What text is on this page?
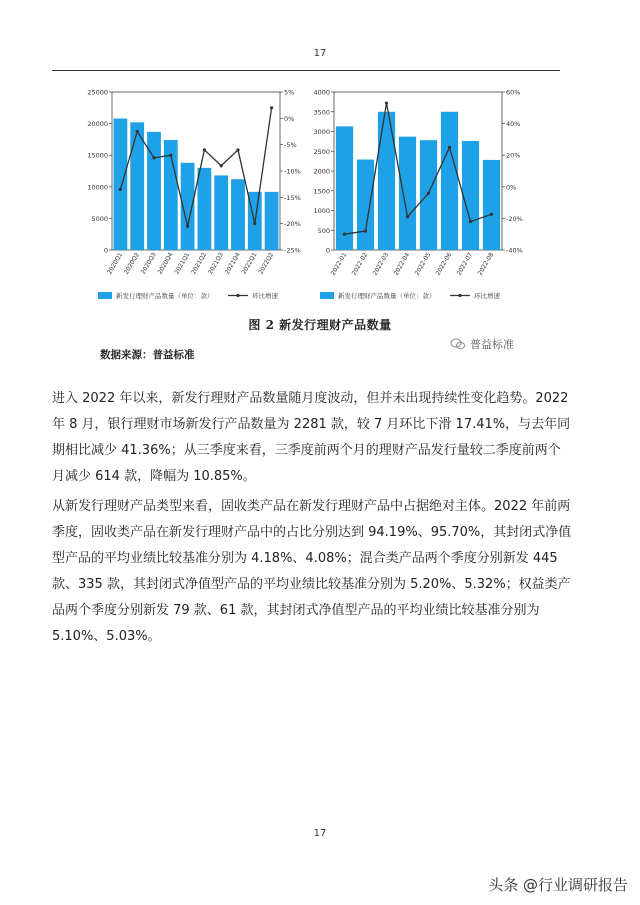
17
0
5000
10000
15000
20000
25000	5%
0%
-5%
-10%
-15%
-20%
-25%
2020Q1
2020Q2
2020Q3
2020Q4
2021Q1
2021Q2
2021Q3
2021Q4
2022Q1
2022Q2
新发行理财产品数量（单位：款）	环比增速
0
500
1000
1500
2000
2500
3000
3500
4000	60%
40%
20%
0%
-20%
-40%
2022-01 2022-02 2022-03 2022-04 2022-05 2022-06 2022-07 2022-08
新发行理财产品数量（单位：款）	环比增速
图 2 新发行理财产品数量
数据来源：普益标准
普益标准

进入 2022 年以来，新发行理财产品数量随月度波动，但并未出现持续性变化趋势。2022 年 8 月，银行理财市场新发行产品数量为 2281 款，较 7 月环比下滑 17.41%，与去年同期相比减少 41.36%；从三季度来看，三季度前两个月的理财产品发行量较二季度前两个月减少 614 款，降幅为 10.85%。

从新发行理财产品类型来看，固收类产品在新发行理财产品中占据绝对主体。2022 年前两季度，固收类产品在新发行理财产品中的占比分别达到 94.19%、95.70%，其封闭式净值型产品的平均业绩比较基准分别为 4.18%、4.08%；混合类产品两个季度分别新发 445 款、335 款，其封闭式净值型产品的平均业绩比较基准分别为 5.20%、5.32%；权益类产品两个季度分别新发 79 款、61 款，其封闭式净值型产品的平均业绩比较基准分别为 5.10%、5.03%。

17
头条 @行业调研报告
